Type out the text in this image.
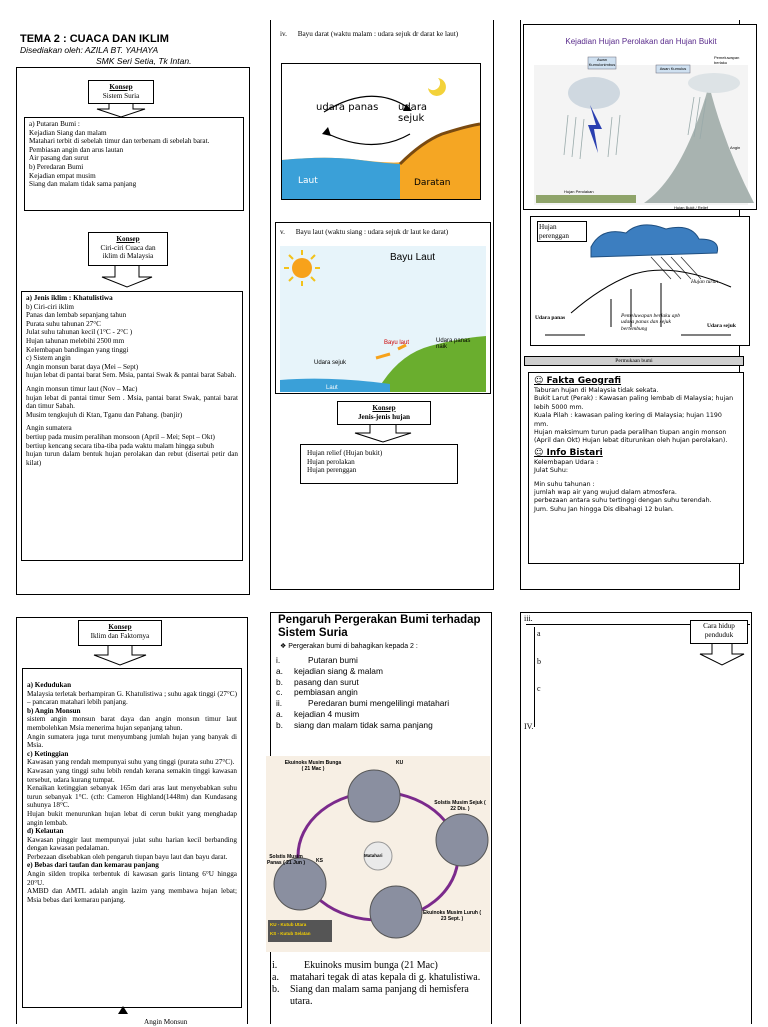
TEMA 2 : CUACA DAN IKLIM
Disediakan oleh: AZILA BT. YAHAYA
SMK Seri Setia, Tk Intan.
Konsep
Sistem Suria
a) Putaran Bumi :
Kejadian Siang dan malam
Matahari terbit di sebelah timur dan terbenam di sebelah barat.
Pembiasan angin dan arus lautan
Air pasang dan surut
b) Peredaran Bumi
Kejadian empat musim
Siang dan malam tidak sama panjang
Konsep
Ciri-ciri Cuaca dan iklim di Malaysia
a) Jenis iklim : Khatulistiwa
b) Ciri-ciri iklim
Panas dan lembab sepanjang tahun
Purata suhu tahunan 27°C
Julat suhu tahunan kecil (1°C - 2°C )
Hujan tahunan melebihi 2500 mm
Kelembapan bandingan yang tinggi
c) Sistem angin
Angin monsun barat daya (Mei – Sept)
hujan lebat di pantai barat Sem. Msia, pantai Swak & pantai barat Sabah.

Angin monsun timur laut (Nov – Mac)
hujan lebat di pantai timur Sem . Msia, pantai barat Swak, pantai barat dan timur Sabah.
Musim tengkujuh di Ktan, Tganu dan Pahang. (banjir)

Angin sumatera
bertiup pada musim peralihan monsoon (April – Mei; Sept – Okt)
bertiup kencang secara tiba-tiba pada waktu malam hingga subuh
hujan turun dalam bentuk hujan perolakan dan rebut (disertai petir dan kilat)
iv. Bayu darat (waktu malam : udara sejuk dr darat ke laut)
udara panas udara sejuk
Laut	Daratan
v. Bayu laut (waktu siang : udara sejuk dr laut ke darat)
Bayu Laut
Bayu laut	Udara panas naik
Udara sejuk
Laut
Konsep
Jenis-jenis hujan
Hujan relief (Hujan bukit)
Hujan perolakan
Hujan perenggan
Kejadian Hujan Perolakan dan Hujan Bukit
Awan Kumulonimbus
Awan Kumulus
Pemeluwapan berlaku
Angin
Hujan Perolakan
Hujan Bukit / Relief
Hujan perenggan
Hujan turun
Udara panas
Udara sejuk
Pemeluwapan berlaku apb udara panas dan sejuk bertembung
Permukaan bumi
☺ Fakta Geografi
Taburan hujan di Malaysia tidak sekata.
Bukit Larut (Perak) : Kawasan paling lembab di Malaysia; hujan lebih 5000 mm.
Kuala Pilah : kawasan paling kering di Malaysia; hujan 1190 mm.
Hujan maksimum turun pada peralihan tiupan angin monson (April dan Okt) Hujan lebat diturunkan oleh hujan perolakan).
☺ Info Bistari
Kelembapan Udara :
Julat Suhu:

Min suhu tahunan :
jumlah wap air yang wujud dalam atmosfera.
perbezaan antara suhu tertinggi dengan suhu terendah.
Jum. Suhu Jan hingga Dis dibahagi 12 bulan.
Konsep
Iklim dan Faktornya
a) Kedudukan
Malaysia terletak berhampiran G. Khatulistiwa ; suhu agak tinggi (27°C) – pancaran matahari lebih panjang.
b) Angin Monsun
sistem angin monsun barat daya dan angin monsun timur laut membolehkan Msia menerima hujan sepanjang tahun.
Angin sumatera juga turut menyumbang jumlah hujan yang banyak di Msia.
c) Ketinggian
Kawasan yang rendah mempunyai suhu yang tinggi (purata suhu 27°C).
Kawasan yang tinggi suhu lebih rendah kerana semakin tinggi kawasan tersebut, udara kurang tumpat.
Kenaikan ketinggian sebanyak 165m dari aras laut menyebabkan suhu turun sebanyak 1°C. (cth: Cameron Highland(1448m) dan Kundasang suhunya 18°C.
Hujan bukit menurunkan hujan lebat di cerun bukit yang menghadap angin lembab.
d) Kelautan
Kawasan pinggir laut mempunyai julat suhu harian kecil berbanding dengan kawasan pedalaman.
Perbezaan disebabkan oleh pengaruh tiupan bayu laut dan bayu darat.
e) Bebas dari taufan dan kemarau panjang
Angin silden tropika terbentuk di kawasan garis lintang 6°U hingga 20°U.
AMBD dan AMTL adalah angin lazim yang membawa hujan lebat; Msia bebas dari kemarau panjang.
Angin Monsun
Pengaruh Pergerakan Bumi terhadap Sistem Suria
❖ Pergerakan bumi di bahagikan kepada 2 :
i.	Putaran bumi
a.	kejadian siang & malam
b.	pasang dan surut
c.	pembiasan angin
ii.	Peredaran bumi mengelilingi matahari
a.	kejadian 4 musim
b.	siang dan malam tidak sama panjang
Ekuinoks Musim Bunga ( 21 Mac )
Solstis Musim Sejuk ( 22 Dis. )
Solstis Musim Panas ( 21 Jun )
Ekuinoks Musim Luruh ( 23 Sept. )
Matahari
KU
KS
KU - Kutub Utara
KS - Kutub Selatan
i.	Ekuinoks musim bunga (21 Mac)
a.	matahari tegak di atas kepala di g. khatulistiwa.
b.	Siang dan malam sama panjang di hemisfera utara.
iii.
a
b
c
IV.
Cara hidup penduduk
